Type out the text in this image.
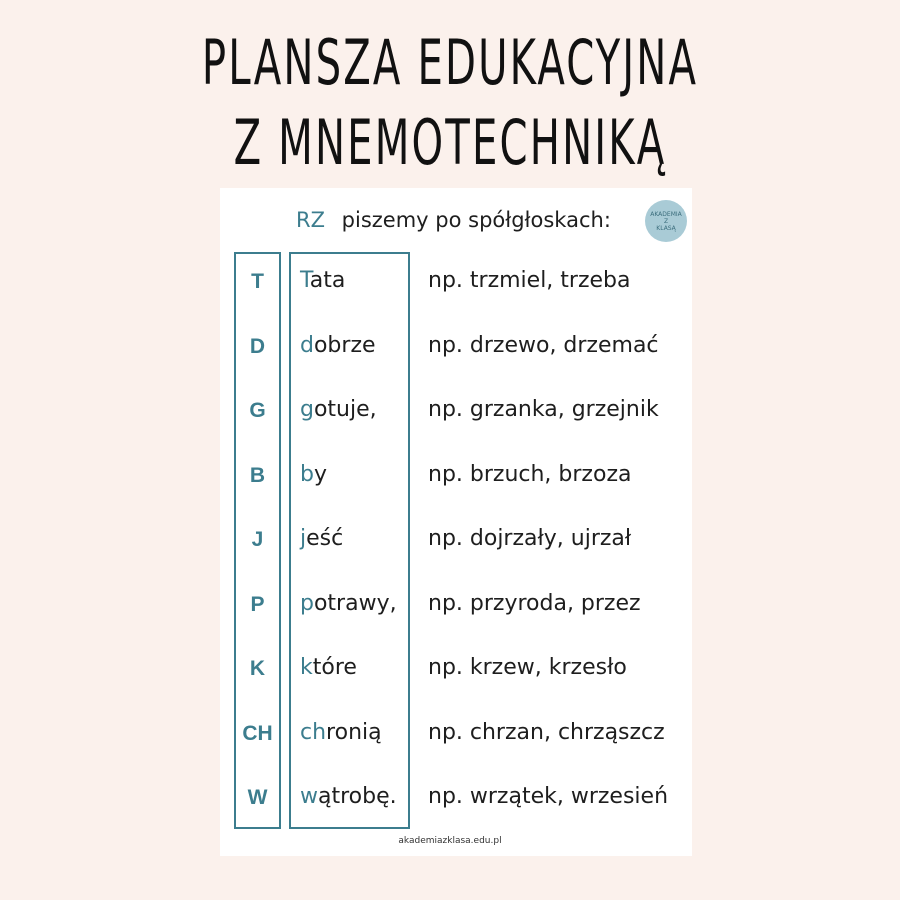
PLANSZA EDUKACYJNA
Z MNEMOTECHNIKĄ
RZ piszemy po spółgłoskach:	AKADEMIA
Z
KLASĄ
T	Tata	np. trzmiel, trzeba
D	dobrze np. drzewo, drzemać
G	gotuje, np. grzanka, grzejnik
B	by	np. brzuch, brzoza
J	jeść	np. dojrzały, ujrzał
P	potrawy, np. przyroda, przez
K	które	np. krzew, krzesło
CH	chronią np. chrzan, chrząszcz
W	wątrobę. np. wrzątek, wrzesień
akademiazklasa.edu.pl
